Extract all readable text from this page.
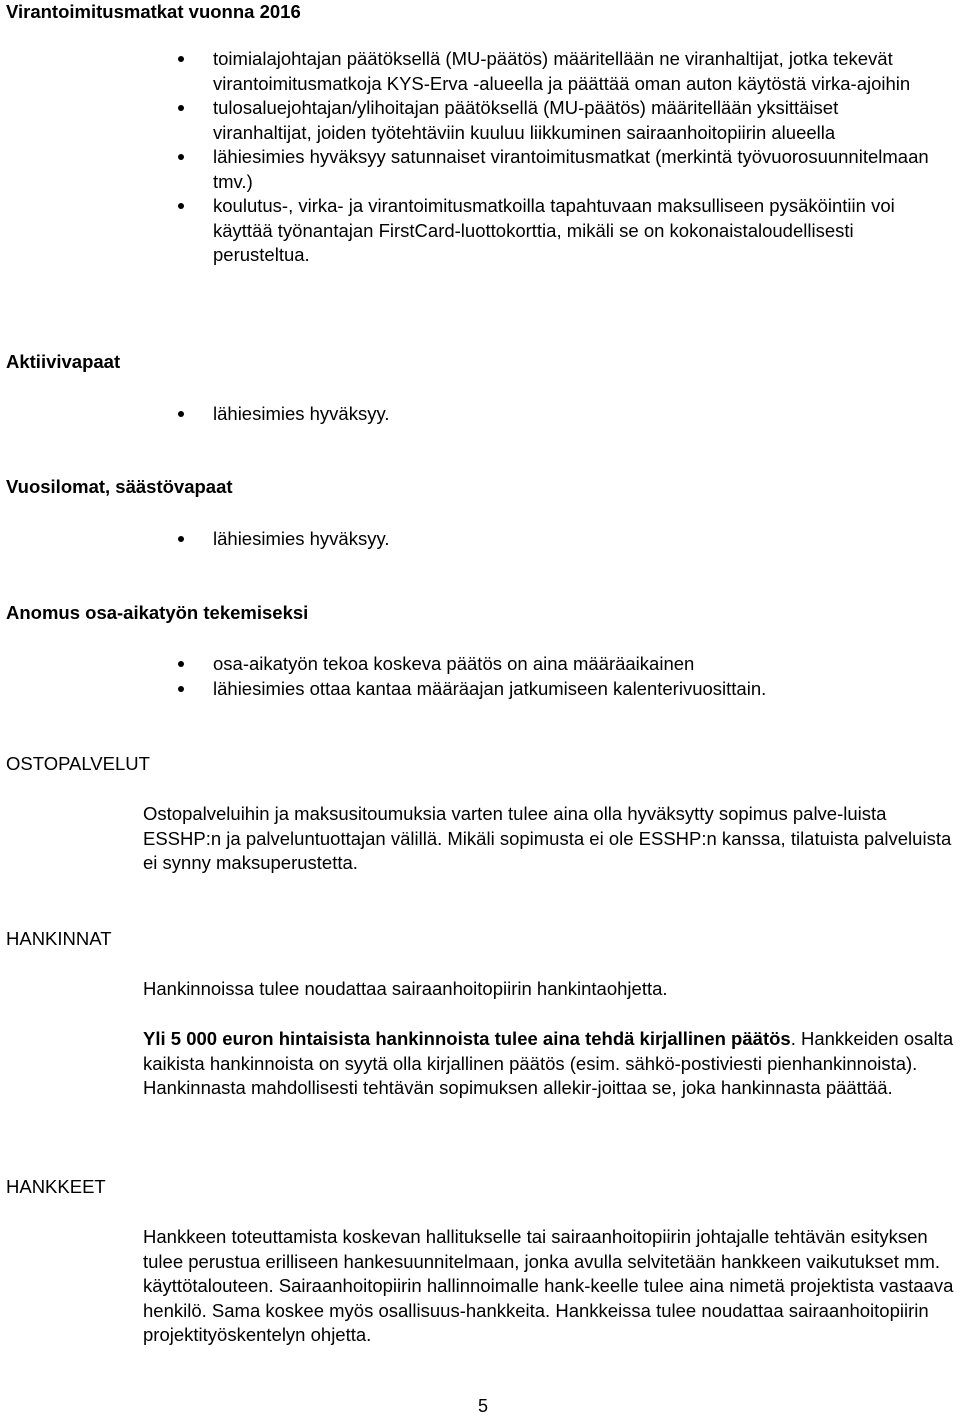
Virantoimitusmatkat vuonna 2016
toimialajohtajan päätöksellä (MU-päätös) määritellään ne viranhaltijat, jotka tekevät virantoimitusmatkoja KYS-Erva -alueella ja päättää oman auton käytöstä virka-ajoihin
tulosaluejohtajan/ylihoitajan päätöksellä (MU-päätös) määritellään yksittäiset viranhaltijat, joiden työtehtäviin kuuluu liikkuminen sairaanhoitopiirin alueella
lähiesimies hyväksyy satunnaiset virantoimitusmatkat (merkintä työvuorosuunnitelmaan tmv.)
koulutus-, virka- ja virantoimitusmatkoilla tapahtuvaan maksulliseen pysäköintiin voi käyttää työnantajan FirstCard-luottokorttia, mikäli se on kokonaistaloudellisesti perusteltua.
Aktiivivapaat
lähiesimies hyväksyy.
Vuosilomat, säästövapaat
lähiesimies hyväksyy.
Anomus osa-aikatyön tekemiseksi
osa-aikatyön tekoa koskeva päätös on aina määräaikainen
lähiesimies ottaa kantaa määräajan jatkumiseen kalenterivuosittain.
OSTOPALVELUT

Ostopalveluihin ja maksusitoumuksia varten tulee aina olla hyväksytty sopimus palve-luista ESSHP:n ja palveluntuottajan välillä. Mikäli sopimusta ei ole ESSHP:n kanssa, tilatuista palveluista ei synny maksuperustetta.

HANKINNAT

Hankinnoissa tulee noudattaa sairaanhoitopiirin hankintaohjetta.

Yli 5 000 euron hintaisista hankinnoista tulee aina tehdä kirjallinen päätös. Hankkeiden osalta kaikista hankinnoista on syytä olla kirjallinen päätös (esim. sähkö-postiviesti pienhankinnoista). Hankinnasta mahdollisesti tehtävän sopimuksen allekir-joittaa se, joka hankinnasta päättää.

HANKKEET

Hankkeen toteuttamista koskevan hallitukselle tai sairaanhoitopiirin johtajalle tehtävän esityksen tulee perustua erilliseen hankesuunnitelmaan, jonka avulla selvitetään hankkeen vaikutukset mm. käyttötalouteen. Sairaanhoitopiirin hallinnoimalle hank-keelle tulee aina nimetä projektista vastaava henkilö. Sama koskee myös osallisuus-hankkeita. Hankkeissa tulee noudattaa sairaanhoitopiirin projektityöskentelyn ohjetta.

5
